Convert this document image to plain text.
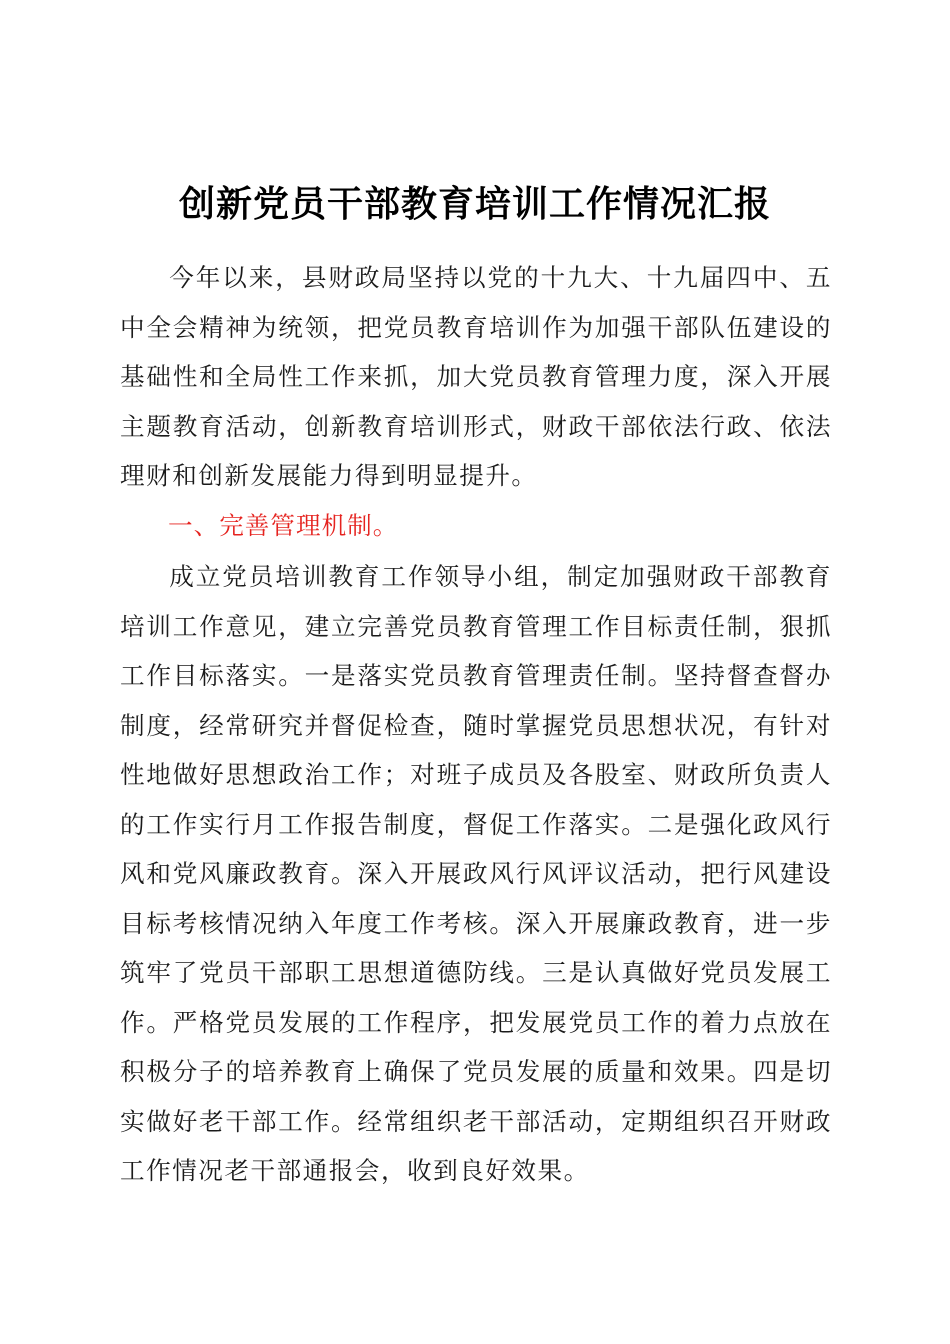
创新党员干部教育培训工作情况汇报

今年以来，县财政局坚持以党的十九大、十九届四中、五中全会精神为统领，把党员教育培训作为加强干部队伍建设的基础性和全局性工作来抓，加大党员教育管理力度，深入开展主题教育活动，创新教育培训形式，财政干部依法行政、依法理财和创新发展能力得到明显提升。

一、完善管理机制。

成立党员培训教育工作领导小组，制定加强财政干部教育培训工作意见，建立完善党员教育管理工作目标责任制，狠抓工作目标落实。一是落实党员教育管理责任制。坚持督查督办制度，经常研究并督促检查，随时掌握党员思想状况，有针对性地做好思想政治工作；对班子成员及各股室、财政所负责人的工作实行月工作报告制度，督促工作落实。二是强化政风行风和党风廉政教育。深入开展政风行风评议活动，把行风建设目标考核情况纳入年度工作考核。深入开展廉政教育，进一步筑牢了党员干部职工思想道德防线。三是认真做好党员发展工作。严格党员发展的工作程序，把发展党员工作的着力点放在积极分子的培养教育上确保了党员发展的质量和效果。四是切实做好老干部工作。经常组织老干部活动，定期组织召开财政工作情况老干部通报会，收到良好效果。
